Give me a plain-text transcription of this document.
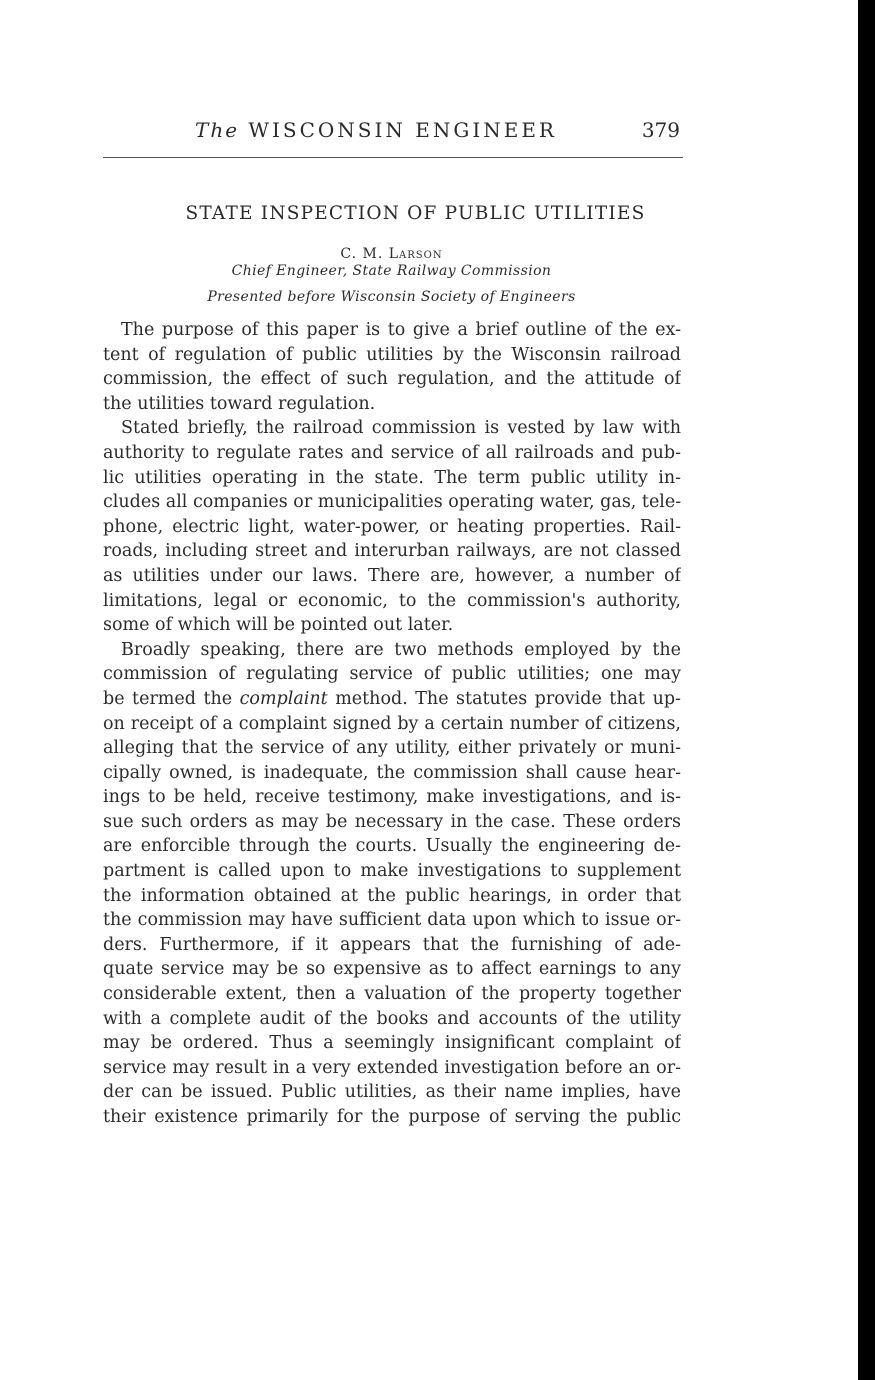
The WISCONSIN ENGINEER	379
STATE INSPECTION OF PUBLIC UTILITIES
C. M. Larson
Chief Engineer, State Railway Commission
Presented before Wisconsin Society of Engineers
The purpose of this paper is to give a brief outline of the ex-
tent of regulation of public utilities by the Wisconsin railroad
commission, the effect of such regulation, and the attitude of
the utilities toward regulation.
Stated briefly, the railroad commission is vested by law with
authority to regulate rates and service of all railroads and pub-
lic utilities operating in the state. The term public utility in-
cludes all companies or municipalities operating water, gas, tele-
phone, electric light, water-power, or heating properties. Rail-
roads, including street and interurban railways, are not classed
as utilities under our laws. There are, however, a number of
limitations, legal or economic, to the commission's authority,
some of which will be pointed out later.
Broadly speaking, there are two methods employed by the
commission of regulating service of public utilities; one may
be termed the complaint method. The statutes provide that up-
on receipt of a complaint signed by a certain number of citizens,
alleging that the service of any utility, either privately or muni-
cipally owned, is inadequate, the commission shall cause hear-
ings to be held, receive testimony, make investigations, and is-
sue such orders as may be necessary in the case. These orders
are enforcible through the courts. Usually the engineering de-
partment is called upon to make investigations to supplement
the information obtained at the public hearings, in order that
the commission may have sufficient data upon which to issue or-
ders. Furthermore, if it appears that the furnishing of ade-
quate service may be so expensive as to affect earnings to any
considerable extent, then a valuation of the property together
with a complete audit of the books and accounts of the utility
may be ordered. Thus a seemingly insignificant complaint of
service may result in a very extended investigation before an or-
der can be issued. Public utilities, as their name implies, have
their existence primarily for the purpose of serving the public
